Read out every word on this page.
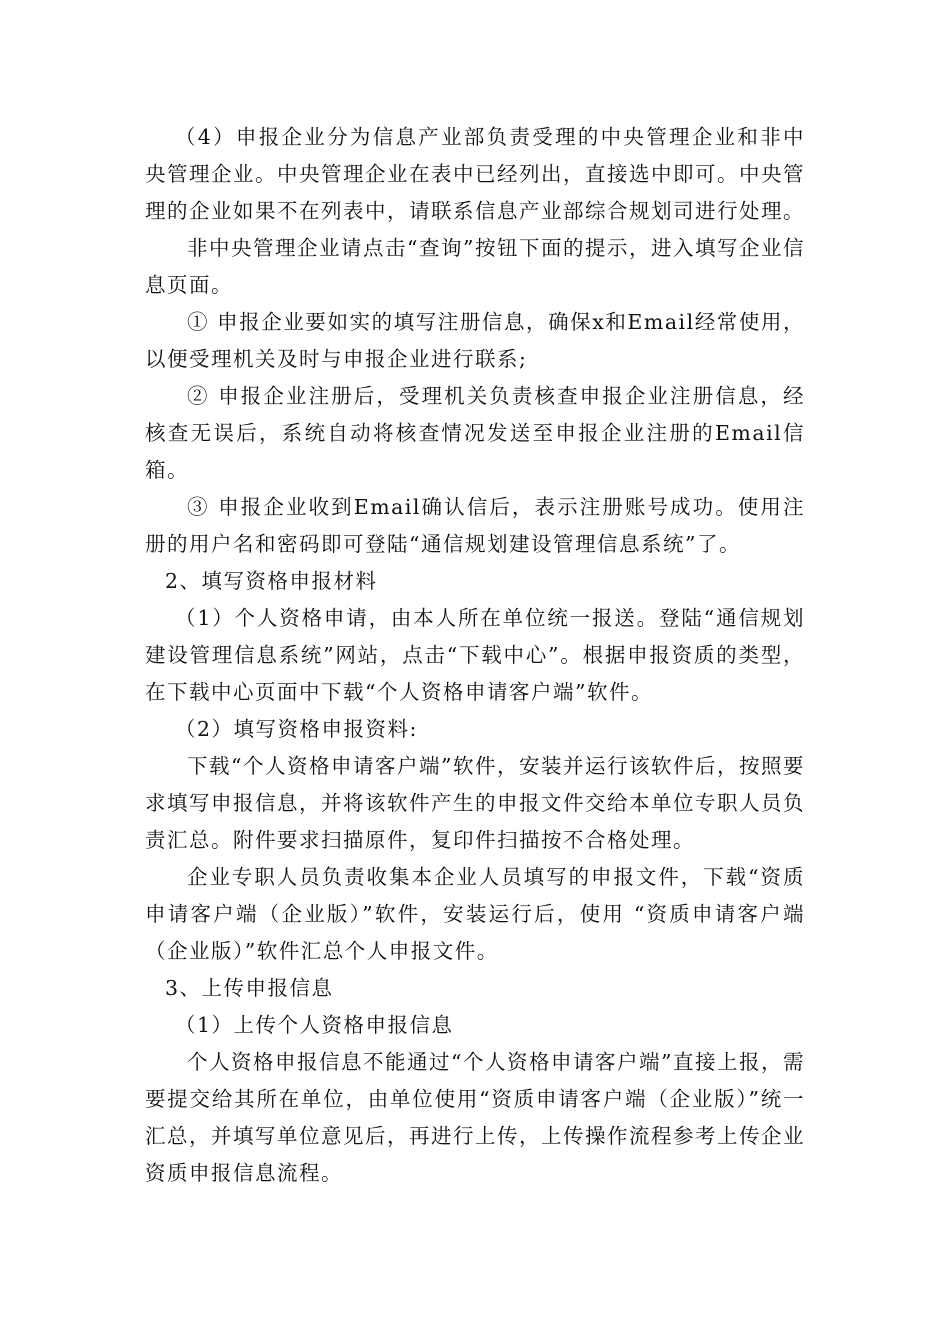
（4）申报企业分为信息产业部负责受理的中央管理企业和非中央管理企业。中央管理企业在表中已经列出，直接选中即可。中央管理的企业如果不在列表中，请联系信息产业部综合规划司进行处理。

非中央管理企业请点击“查询”按钮下面的提示，进入填写企业信息页面。

① 申报企业要如实的填写注册信息，确保x和Email经常使用，以便受理机关及时与申报企业进行联系;

② 申报企业注册后，受理机关负责核查申报企业注册信息，经核查无误后，系统自动将核查情况发送至申报企业注册的Email信箱。

③ 申报企业收到Email确认信后，表示注册账号成功。使用注册的用户名和密码即可登陆“通信规划建设管理信息系统”了。

2、填写资格申报材料

（1）个人资格申请，由本人所在单位统一报送。登陆“通信规划建设管理信息系统”网站，点击“下载中心”。根据申报资质的类型，在下载中心页面中下载“个人资格申请客户端”软件。

（2）填写资格申报资料:

下载“个人资格申请客户端”软件，安装并运行该软件后，按照要求填写申报信息，并将该软件产生的申报文件交给本单位专职人员负责汇总。附件要求扫描原件，复印件扫描按不合格处理。

企业专职人员负责收集本企业人员填写的申报文件，下载“资质申请客户端（企业版）”软件，安装运行后，使用 “资质申请客户端（企业版）”软件汇总个人申报文件。

3、上传申报信息

（1）上传个人资格申报信息

个人资格申报信息不能通过“个人资格申请客户端”直接上报，需要提交给其所在单位，由单位使用“资质申请客户端（企业版）”统一汇总，并填写单位意见后，再进行上传，上传操作流程参考上传企业资质申报信息流程。
